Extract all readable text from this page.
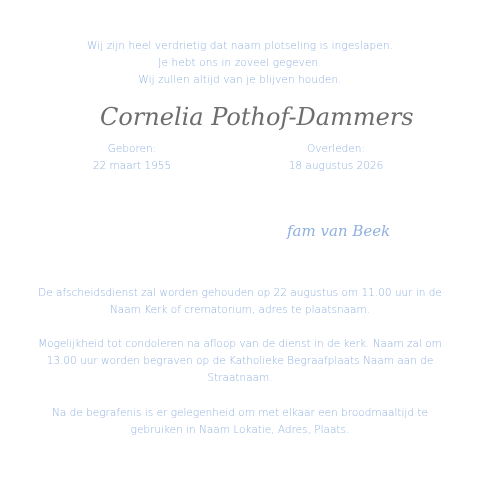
Wij zijn heel verdrietig dat naam plotseling is ingeslapen.
Je hebt ons in zoveel gegeven.
Wij zullen altijd van je blijven houden.
Cornelia Pothof-Dammers
Geboren:
22 maart 1955
Overleden:
18 augustus 2026
fam van Beek
De afscheidsdienst zal worden gehouden op 22 augustus om 11.00 uur in de
Naam Kerk of crematorium, adres te plaatsnaam.
Mogelijkheid tot condoleren na afloop van de dienst in de kerk. Naam zal om
13.00 uur worden begraven op de Katholieke Begraafplaats Naam aan de
Straatnaam.
Na de begrafenis is er gelegenheid om met elkaar een broodmaaltijd te
gebruiken in Naam Lokatie, Adres, Plaats.
